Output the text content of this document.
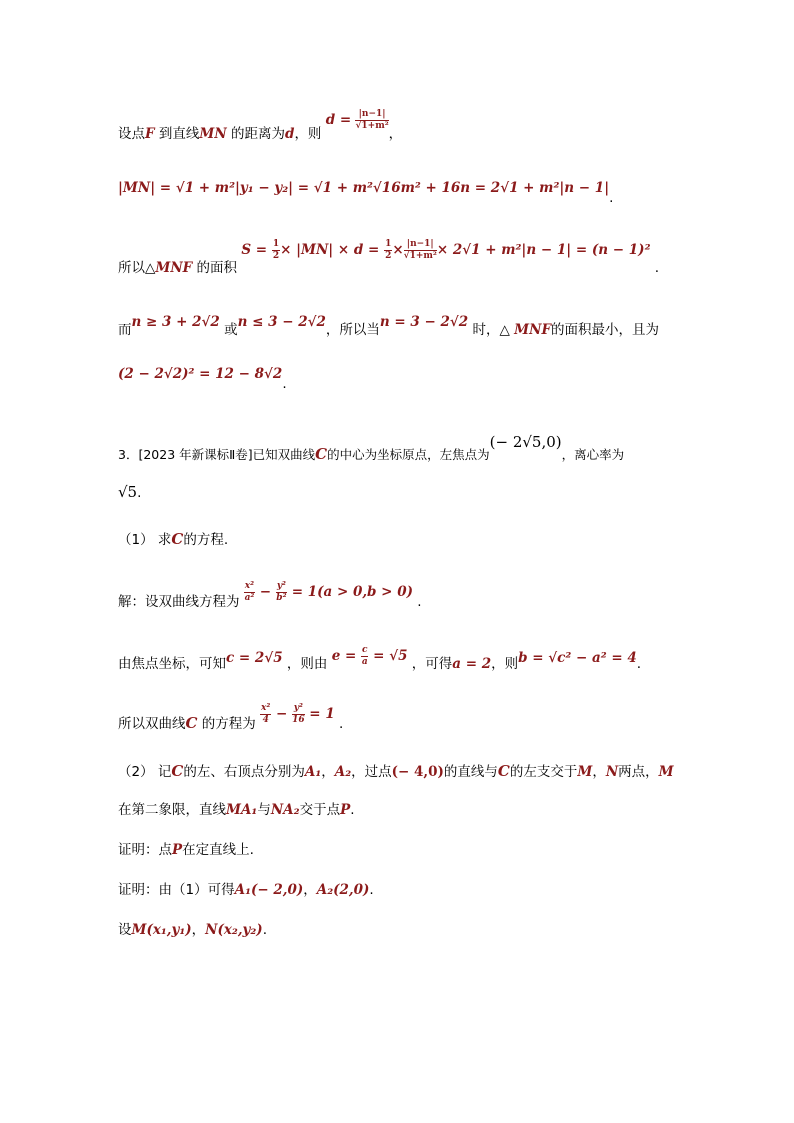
设点F 到直线MN 的距离为d，则 $d = \frac{|n-1|}{\text{√1+m²}}$
，
|MN| = √1 + m²|y₁ − y₂| = √1 + m²√16m² + 16n = 2√1 + m²|n − 1|.
所以△MNF 的面积 $S = \frac{1}{2} \times |MN| \times d = \frac{1}{2} \times \frac{|n-1|}{\text{√1+m²}} \times 2√1 + m^2|n - 1| = (n - 1)^2$ .
而n ≥ 3 + 2√2 或n ≤ 3 − 2√2，所以当n = 3 − 2√2 时，△ MNF的面积最小，且为
(2 − 2√2)² = 12 − 8√2.
3．[2023 年新课标Ⅱ卷]已知双曲线C的中心为坐标原点，左焦点为(− 2√5,0)，离心率为
√5.
（1） 求C的方程.
解：设双曲线方程为 $\frac{\text{x²}}{\text{a²}} - \frac{\text{y²}}{\text{b²}} = 1(a > 0,b > 0)$ .
由焦点坐标，可知c = 2√5 ，则由 $e = \frac{c}{a} = √5$ ，可得a = 2，则b = √c² − a² = 4.
所以双曲线C 的方程为 $\frac{\text{x²}}{4} - \frac{\text{y²}}{16} = 1$ .
（2） 记C的左、右顶点分别为A₁，A₂，过点(− 4,0)的直线与C的左支交于M，N两点，M
在第二象限，直线MA₁与NA₂交于点P.
证明：点P在定直线上.
证明：由（1）可得A₁(− 2,0)，A₂(2,0).
设M(x₁,y₁)，N(x₂,y₂).
